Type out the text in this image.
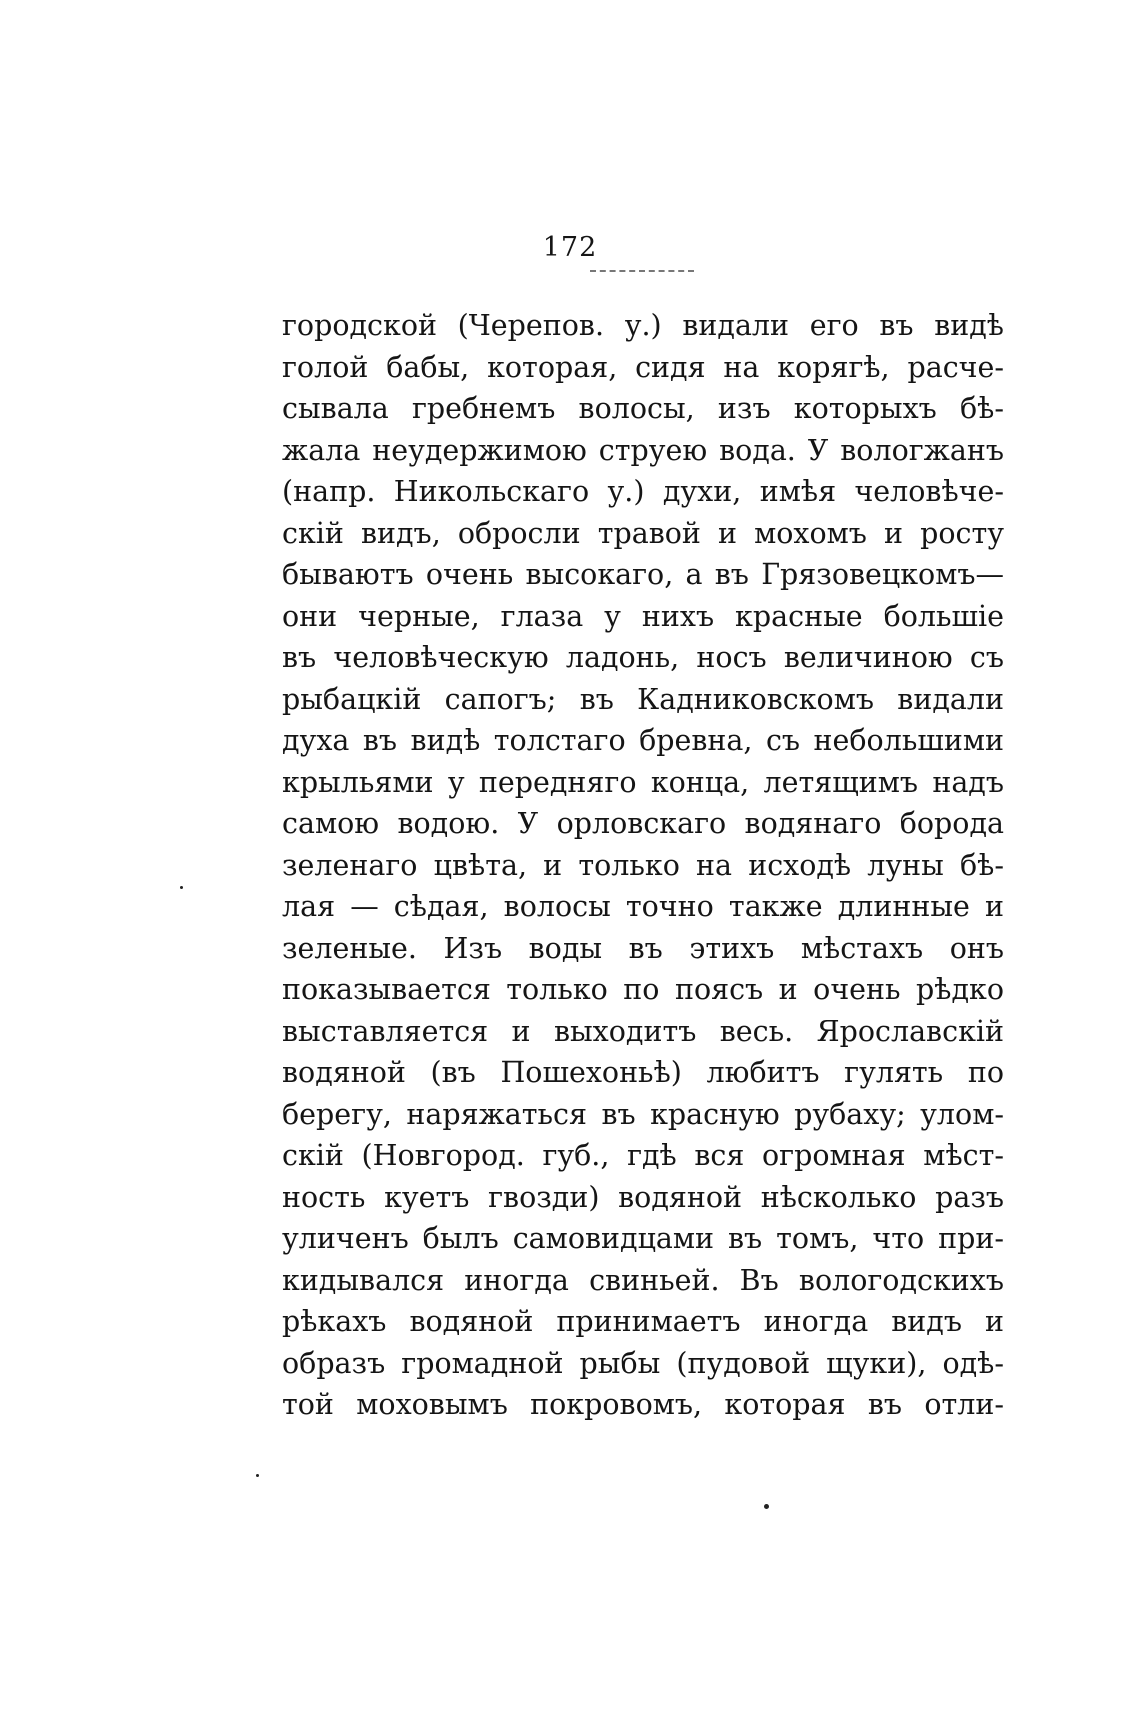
172
городской (Черепов. у.) видали его въ видѣ
голой бабы, которая, сидя на корягѣ, расче-
сывала гребнемъ волосы, изъ которыхъ бѣ-
жала неудержимою струею вода. У вологжанъ
(напр. Никольскаго у.) духи, имѣя человѣче-
скій видъ, обросли травой и мохомъ и росту
бываютъ очень высокаго, а въ Грязовецкомъ—
они черные, глаза у нихъ красные большіе
въ человѣческую ладонь, носъ величиною съ
рыбацкій сапогъ; въ Кадниковскомъ видали
духа въ видѣ толстаго бревна, съ небольшими
крыльями у передняго конца, летящимъ надъ
самою водою. У орловскаго водянаго борода
зеленаго цвѣта, и только на исходѣ луны бѣ-
лая — сѣдая, волосы точно также длинные и
зеленые. Изъ воды въ этихъ мѣстахъ онъ
показывается только по поясъ и очень рѣдко
выставляется и выходитъ весь. Ярославскій
водяной (въ Пошехоньѣ) любитъ гулять по
берегу, наряжаться въ красную рубаху; улом-
скій (Новгород. губ., гдѣ вся огромная мѣст-
ность куетъ гвозди) водяной нѣсколько разъ
уличенъ былъ самовидцами въ томъ, что при-
кидывался иногда свиньей. Въ вологодскихъ
рѣкахъ водяной принимаетъ иногда видъ и
образъ громадной рыбы (пудовой щуки), одѣ-
той моховымъ покровомъ, которая въ отли-
